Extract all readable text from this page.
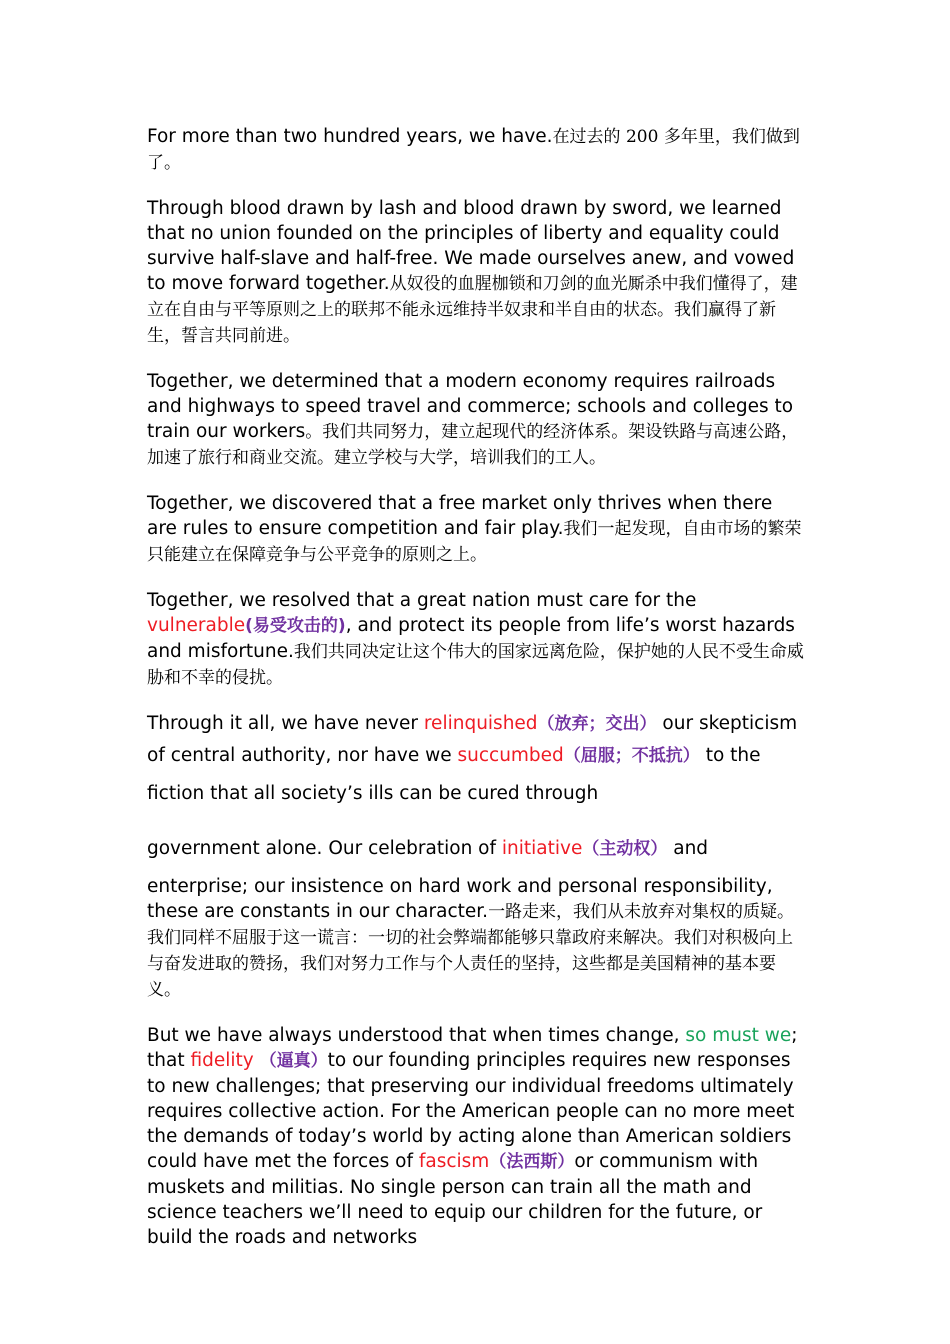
For more than two hundred years, we have.在过去的 200 多年里，我们做到了。

Through blood drawn by lash and blood drawn by sword, we learned that no union founded on the principles of liberty and equality could survive half-slave and half-free. We made ourselves anew, and vowed to move forward together.从奴役的血腥枷锁和刀剑的血光厮杀中我们懂得了，建立在自由与平等原则之上的联邦不能永远维持半奴隶和半自由的状态。我们赢得了新生，誓言共同前进。

Together, we determined that a modern economy requires railroads and highways to speed travel and commerce; schools and colleges to train our workers。我们共同努力，建立起现代的经济体系。架设铁路与高速公路，加速了旅行和商业交流。建立学校与大学，培训我们的工人。

Together, we discovered that a free market only thrives when there are rules to ensure competition and fair play.我们一起发现，自由市场的繁荣只能建立在保障竞争与公平竞争的原则之上。

Together, we resolved that a great nation must care for the vulnerable(易受攻击的), and protect its people from life’s worst hazards and misfortune.我们共同决定让这个伟大的国家远离危险，保护她的人民不受生命威胁和不幸的侵扰。

Through it all, we have never relinquished（放弃；交出） our skepticism of central authority, nor have we succumbed（屈服；不抵抗） to the fiction that all society’s ills can be cured through

government alone. Our celebration of initiative（主动权） and

enterprise; our insistence on hard work and personal responsibility, these are constants in our character.一路走来，我们从未放弃对集权的质疑。我们同样不屈服于这一谎言：一切的社会弊端都能够只靠政府来解决。我们对积极向上与奋发进取的赞扬，我们对努力工作与个人责任的坚持，这些都是美国精神的基本要义。

But we have always understood that when times change, so must we; that fidelity （逼真）to our founding principles requires new responses to new challenges; that preserving our individual freedoms ultimately requires collective action. For the American people can no more meet the demands of today’s world by acting alone than American soldiers could have met the forces of fascism（法西斯）or communism with muskets and militias. No single person can train all the math and science teachers we’ll need to equip our children for the future, or build the roads and networks
